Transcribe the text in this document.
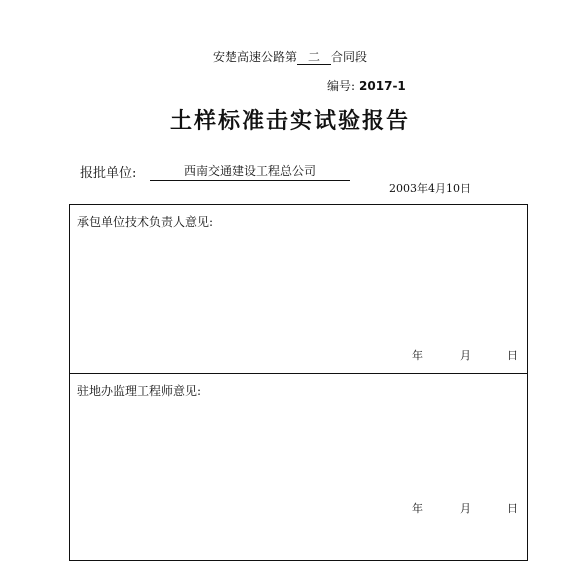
安楚高速公路第 二 合同段
编号: 2017-1
土样标准击实试验报告
报批单位:	西南交通建设工程总公司
2003年4月10日
承包单位技术负责人意见:
年	月	日
驻地办监理工程师意见:
年	月	日
